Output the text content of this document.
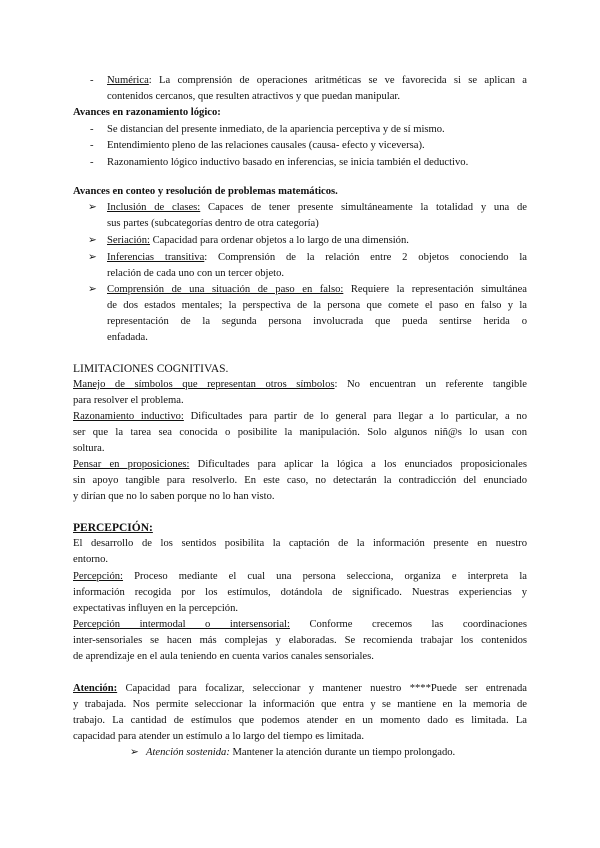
- Numérica: La comprensión de operaciones aritméticas se ve favorecida si se aplican a
contenidos cercanos, que resulten atractivos y que puedan manipular.
Avances en razonamiento lógico:
- Se distancian del presente inmediato, de la apariencia perceptiva y de sí mismo.
- Entendimiento pleno de las relaciones causales (causa- efecto y viceversa).
- Razonamiento lógico inductivo basado en inferencias, se inicia también el deductivo.
Avances en conteo y resolución de problemas matemáticos.
➢ Inclusión de clases: Capaces de tener presente simultáneamente la totalidad y una de
sus partes (subcategorías dentro de otra categoría)
➢ Seriación: Capacidad para ordenar objetos a lo largo de una dimensión.
➢ Inferencias transitiva: Comprensión de la relación entre 2 objetos conociendo la
relación de cada uno con un tercer objeto.
➢ Comprensión de una situación de paso en falso: Requiere la representación simultánea
de dos estados mentales; la perspectiva de la persona que comete el paso en falso y la
representación de la segunda persona involucrada que pueda sentirse herida o
enfadada.
LIMITACIONES COGNITIVAS.
Manejo de símbolos que representan otros símbolos: No encuentran un referente tangible
para resolver el problema.
Razonamiento inductivo: Dificultades para partir de lo general para llegar a lo particular, a no
ser que la tarea sea conocida o posibilite la manipulación. Solo algunos niñ@s lo usan con
soltura.
Pensar en proposiciones: Dificultades para aplicar la lógica a los enunciados proposicionales
sin apoyo tangible para resolverlo. En este caso, no detectarán la contradicción del enunciado
y dirían que no lo saben porque no lo han visto.
PERCEPCIÓN:
El desarrollo de los sentidos posibilita la captación de la información presente en nuestro
entorno.
Percepción: Proceso mediante el cual una persona selecciona, organiza e interpreta la
información recogida por los estímulos, dotándola de significado. Nuestras experiencias y
expectativas influyen en la percepción.
Percepción intermodal o intersensorial: Conforme crecemos las coordinaciones
inter-sensoriales se hacen más complejas y elaboradas. Se recomienda trabajar los contenidos
de aprendizaje en el aula teniendo en cuenta varios canales sensoriales.
Atención: Capacidad para focalizar, seleccionar y mantener nuestro ****Puede ser entrenada
y trabajada. Nos permite seleccionar la información que entra y se mantiene en la memoria de
trabajo. La cantidad de estímulos que podemos atender en un momento dado es limitada. La
capacidad para atender un estímulo a lo largo del tiempo es limitada.
➢ Atención sostenida: Mantener la atención durante un tiempo prolongado.
